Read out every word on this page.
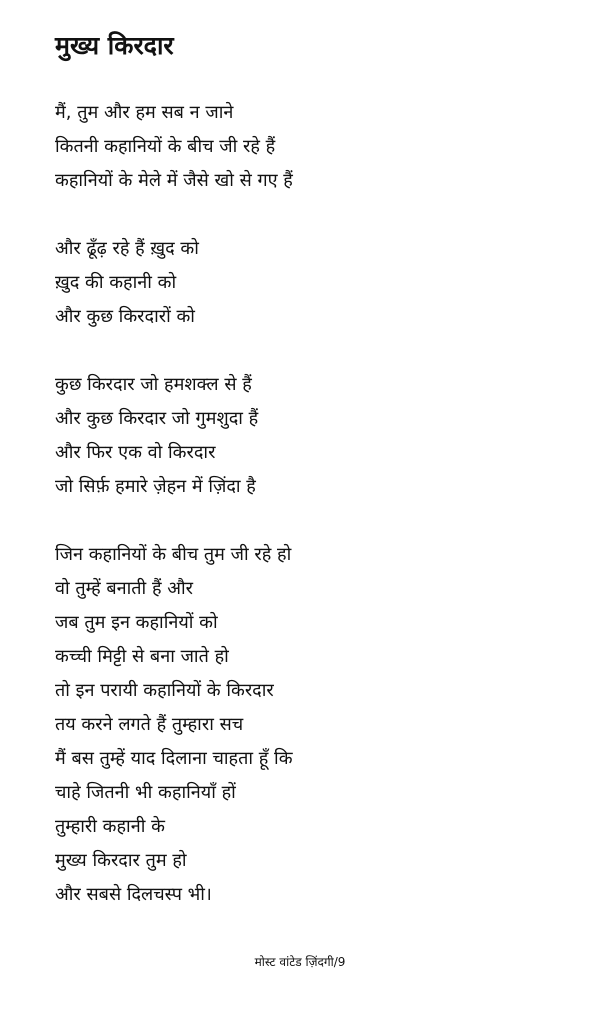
मुख्य किरदार
मैं, तुम और हम सब न जाने
कितनी कहानियों के बीच जी रहे हैं
कहानियों के मेले में जैसे खो से गए हैं
और ढूँढ़ रहे हैं ख़ुद को
ख़ुद की कहानी को
और कुछ किरदारों को
कुछ किरदार जो हमशक्ल से हैं
और कुछ किरदार जो गुमशुदा हैं
और फिर एक वो किरदार
जो सिर्फ़ हमारे ज़ेहन में ज़िंदा है
जिन कहानियों के बीच तुम जी रहे हो
वो तुम्हें बनाती हैं और
जब तुम इन कहानियों को
कच्ची मिट्टी से बना जाते हो
तो इन परायी कहानियों के किरदार
तय करने लगते हैं तुम्हारा सच
मैं बस तुम्हें याद दिलाना चाहता हूँ कि
चाहे जितनी भी कहानियाँ हों
तुम्हारी कहानी के
मुख्य किरदार तुम हो
और सबसे दिलचस्प भी।
मोस्ट वांटेड ज़िंदगी/9
